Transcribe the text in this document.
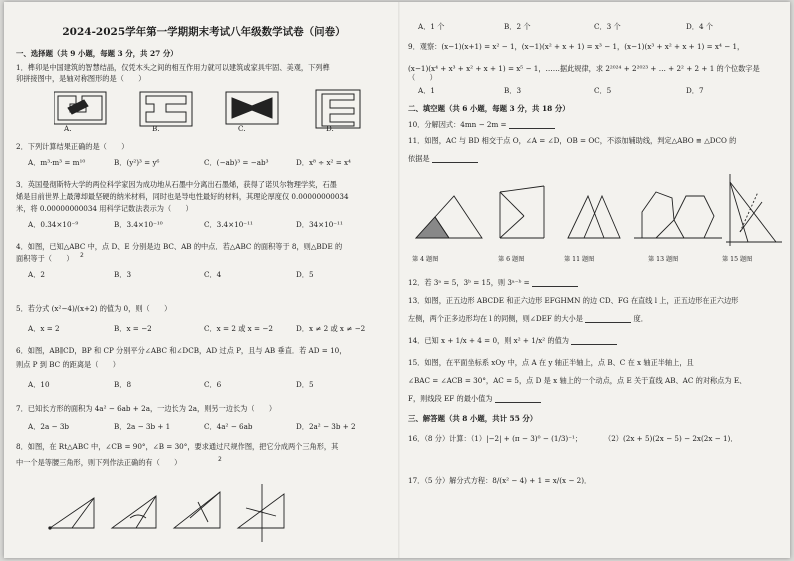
2024-2025学年第一学期期末考试八年级数学试卷（问卷）
一、选择题（共 9 小题，每题 3 分，共 27 分）
1．榫卯是中国建筑的智慧结晶，仅凭木头之间的相互作用力就可以建筑或家具牢固、美观，下列榫
卯拼接图中，是轴对称图形的是（　　）
A.	B.	C.	D.
2．下列计算结果正确的是（　　）
A．m³·m³ = m¹⁰	B．(y²)³ = y⁶	C．(−ab)³ = −ab³	D．x⁸ ÷ x² = x⁴
3．英国曼彻斯特大学的两位科学家因为成功地从石墨中分离出石墨烯，获得了诺贝尔物理学奖，石墨
烯是目前世界上最薄却最坚硬的纳米材料，同时也是导电性最好的材料，其理论厚度仅 0.00000000034
米，将 0.00000000034 用科学记数法表示为（　　）
A．0.34×10⁻⁹	B．3.4×10⁻¹⁰	C．3.4×10⁻¹¹	D．34×10⁻¹¹
4．如图，已知△ABC 中，点 D、E 分别是边 BC、AB 的中点．若△ABC 的面积等于 8，则△BDE 的
面积等于（　　） 2
A．2	B．3	C．4	D．5
5．若分式 (x²−4)/(x+2) 的值为 0，则（　　）
A．x = 2	B．x = −2	C．x = 2 或 x = −2	D．x ≠ 2 或 x ≠ −2
6．如图，AB∥CD，BP 和 CP 分别平分∠ABC 和∠DCB，AD 过点 P，且与 AB 垂直．若 AD = 10，
则点 P 到 BC 的距离是（　　）
A．10	B．8	C．6	D．5
7．已知长方形的面积为 4a² − 6ab + 2a，一边长为 2a，则另一边长为（　　）
A．2a − 3b	B．2a − 3b + 1	C．4a² − 6ab	D．2a² − 3b + 2
8．如图，在 Rt△ABC 中，∠CB = 90°，∠B = 30°，要求通过尺规作图，把它分成两个三角形，其
中一个是等腰三角形，则下列作法正确的有（　　）	2
A．1 个	B．2 个	C．3 个	D．4 个
9．观察：(x−1)(x+1) = x² − 1，(x−1)(x² + x + 1) = x³ − 1，(x−1)(x³ + x² + x + 1) = x⁴ − 1，
(x−1)(x⁴ + x³ + x² + x + 1) = x⁵ − 1，……据此规律，求 2²⁰²⁴ + 2²⁰²³ + … + 2² + 2 + 1 的个位数字是（　　）
A．1	B．3	C．5	D．7
二、填空题（共 6 小题，每题 3 分，共 18 分）
10．分解因式：4mn − 2m =
11．如图，AC 与 BD 相交于点 O，∠A = ∠D，OB = OC，不添加辅助线，判定△ABO ≌ △DCO 的
依据是
第 4 题图	第 6 题图	第 11 题图	第 13 题图	第 15 题图
12．若 3ᵃ = 5，3ᵇ = 15，则 3ᵃ⁻ᵇ =
13．如图，正五边形 ABCDE 和正六边形 EFGHMN 的边 CD、FG 在直线 l 上，正五边形在正六边形
左侧，两个正多边形均在 l 的同侧，则∠DEF 的大小是	度．
14．已知 x + 1/x + 4 = 0，则 x² + 1/x² 的值为
15．如图，在平面坐标系 xOy 中，点 A 在 y 轴正半轴上，点 B、C 在 x 轴正半轴上，且
∠BAC = ∠ACB = 30°，AC = 5，点 D 是 x 轴上的一个动点，点 E 关于直线 AB、AC 的对称点为 E、
F，则线段 EF 的最小值为
三、解答题（共 8 小题，共计 55 分）
16．（8 分）计算：（1）|−2| + (π − 3)⁰ − (1/3)⁻¹；	（2）(2x + 5)(2x − 5) − 2x(2x − 1)．
17．（5 分）解分式方程：8/(x² − 4) + 1 = x/(x − 2)．
